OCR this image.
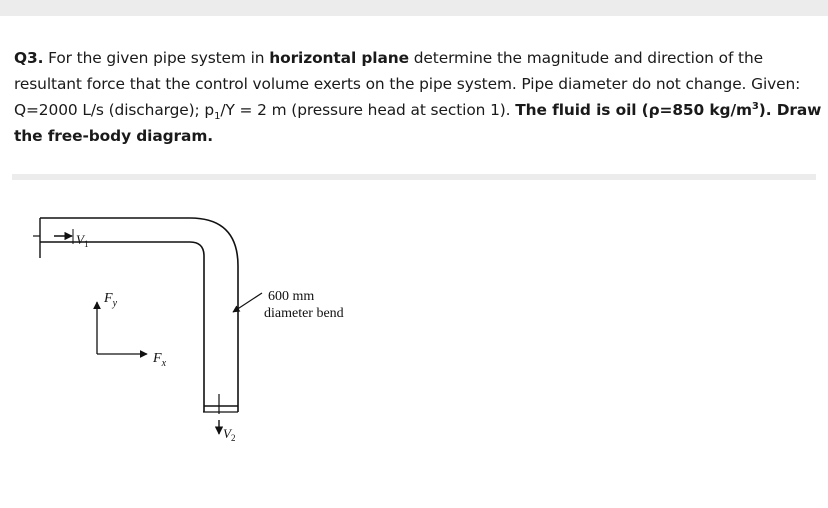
Q3. For the given pipe system in horizontal plane determine the magnitude and direction of the
resultant force that the control volume exerts on the pipe system. Pipe diameter do not change. Given:
Q=2000 L/s (discharge); $p_1/\Upsilon = 2$ m (pressure head at section 1). The fluid is oil (ρ=850 $kg/m^3$). Draw
the free-body diagram.
$V_1$
$F_y$
$F_x$
$V_2$
600 mm
diameter bend
